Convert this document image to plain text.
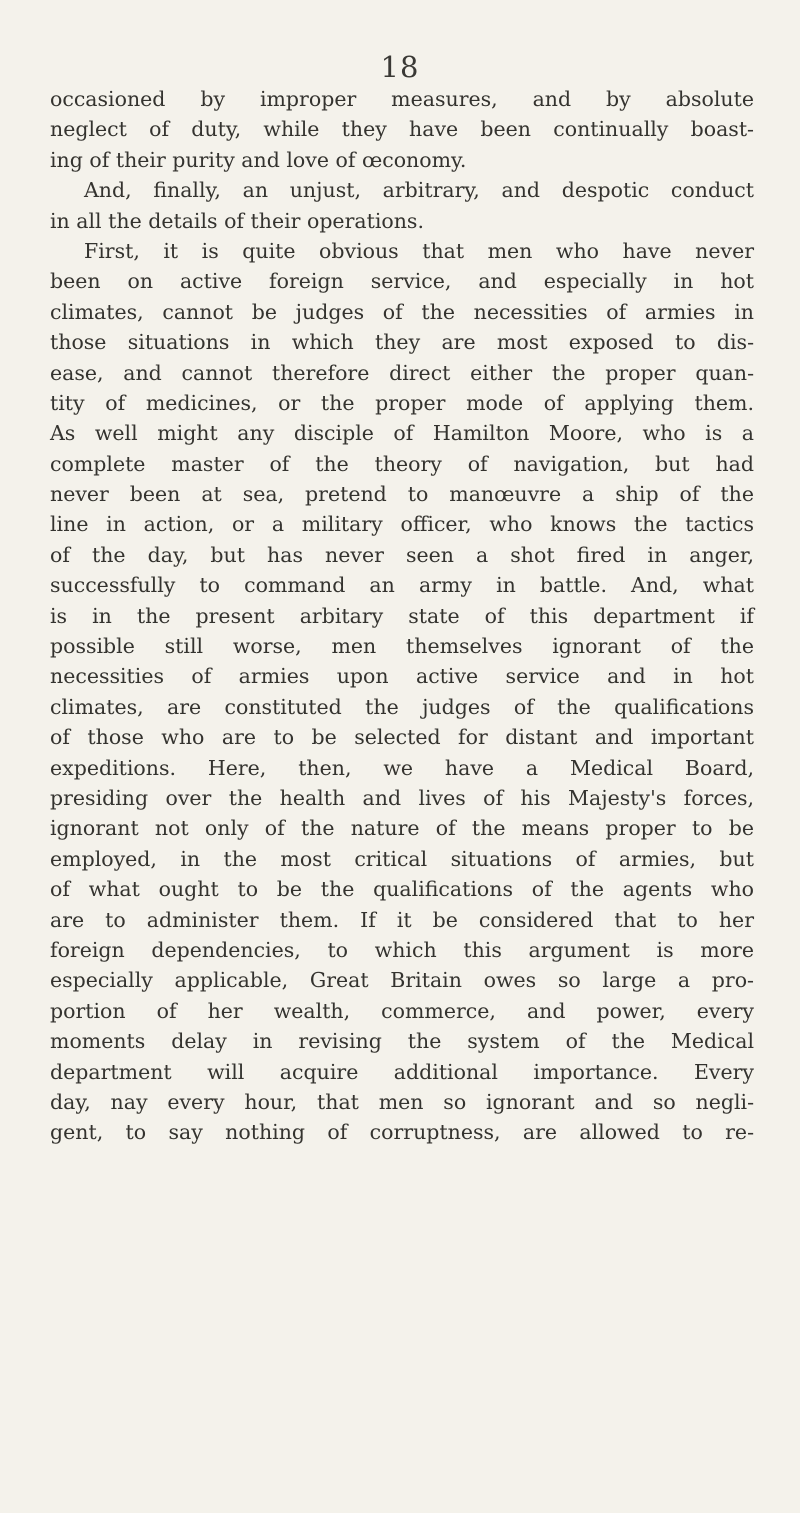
18
occasioned by improper measures, and by absolute
neglect of duty, while they have been continually boast-
ing of their purity and love of œconomy.
And, finally, an unjust, arbitrary, and despotic conduct
in all the details of their operations.
First, it is quite obvious that men who have never
been on active foreign service, and especially in hot
climates, cannot be judges of the necessities of armies in
those situations in which they are most exposed to dis-
ease, and cannot therefore direct either the proper quan-
tity of medicines, or the proper mode of applying them.
As well might any disciple of Hamilton Moore, who is a
complete master of the theory of navigation, but had
never been at sea, pretend to manœuvre a ship of the
line in action, or a military officer, who knows the tactics
of the day, but has never seen a shot fired in anger,
successfully to command an army in battle. And, what
is in the present arbitary state of this department if
possible still worse, men themselves ignorant of the
necessities of armies upon active service and in hot
climates, are constituted the judges of the qualifications
of those who are to be selected for distant and important
expeditions. Here, then, we have a Medical Board,
presiding over the health and lives of his Majesty's forces,
ignorant not only of the nature of the means proper to be
employed, in the most critical situations of armies, but
of what ought to be the qualifications of the agents who
are to administer them. If it be considered that to her
foreign dependencies, to which this argument is more
especially applicable, Great Britain owes so large a pro-
portion of her wealth, commerce, and power, every
moments delay in revising the system of the Medical
department will acquire additional importance. Every
day, nay every hour, that men so ignorant and so negli-
gent, to say nothing of corruptness, are allowed to re-
